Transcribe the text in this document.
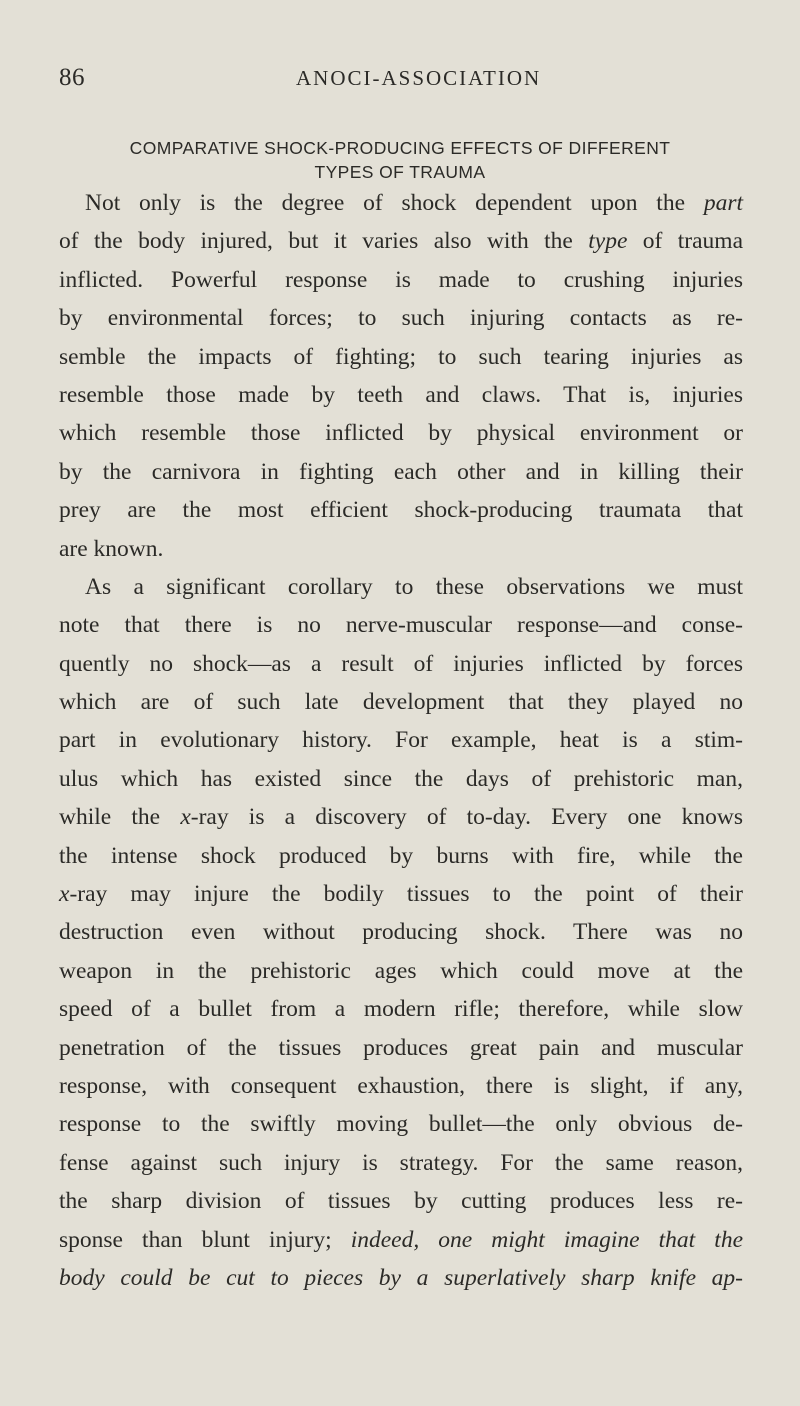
86	ANOCI-ASSOCIATION
COMPARATIVE SHOCK-PRODUCING EFFECTS OF DIFFERENT
TYPES OF TRAUMA
Not only is the degree of shock dependent upon the part
of the body injured, but it varies also with the type of trauma
inflicted. Powerful response is made to crushing injuries
by environmental forces; to such injuring contacts as re-
semble the impacts of fighting; to such tearing injuries as
resemble those made by teeth and claws. That is, injuries
which resemble those inflicted by physical environment or
by the carnivora in fighting each other and in killing their
prey are the most efficient shock-producing traumata that
are known.
As a significant corollary to these observations we must
note that there is no nerve-muscular response—and conse-
quently no shock—as a result of injuries inflicted by forces
which are of such late development that they played no
part in evolutionary history. For example, heat is a stim-
ulus which has existed since the days of prehistoric man,
while the x-ray is a discovery of to-day. Every one knows
the intense shock produced by burns with fire, while the
x-ray may injure the bodily tissues to the point of their
destruction even without producing shock. There was no
weapon in the prehistoric ages which could move at the
speed of a bullet from a modern rifle; therefore, while slow
penetration of the tissues produces great pain and muscular
response, with consequent exhaustion, there is slight, if any,
response to the swiftly moving bullet—the only obvious de-
fense against such injury is strategy. For the same reason,
the sharp division of tissues by cutting produces less re-
sponse than blunt injury; indeed, one might imagine that the
body could be cut to pieces by a superlatively sharp knife ap-
